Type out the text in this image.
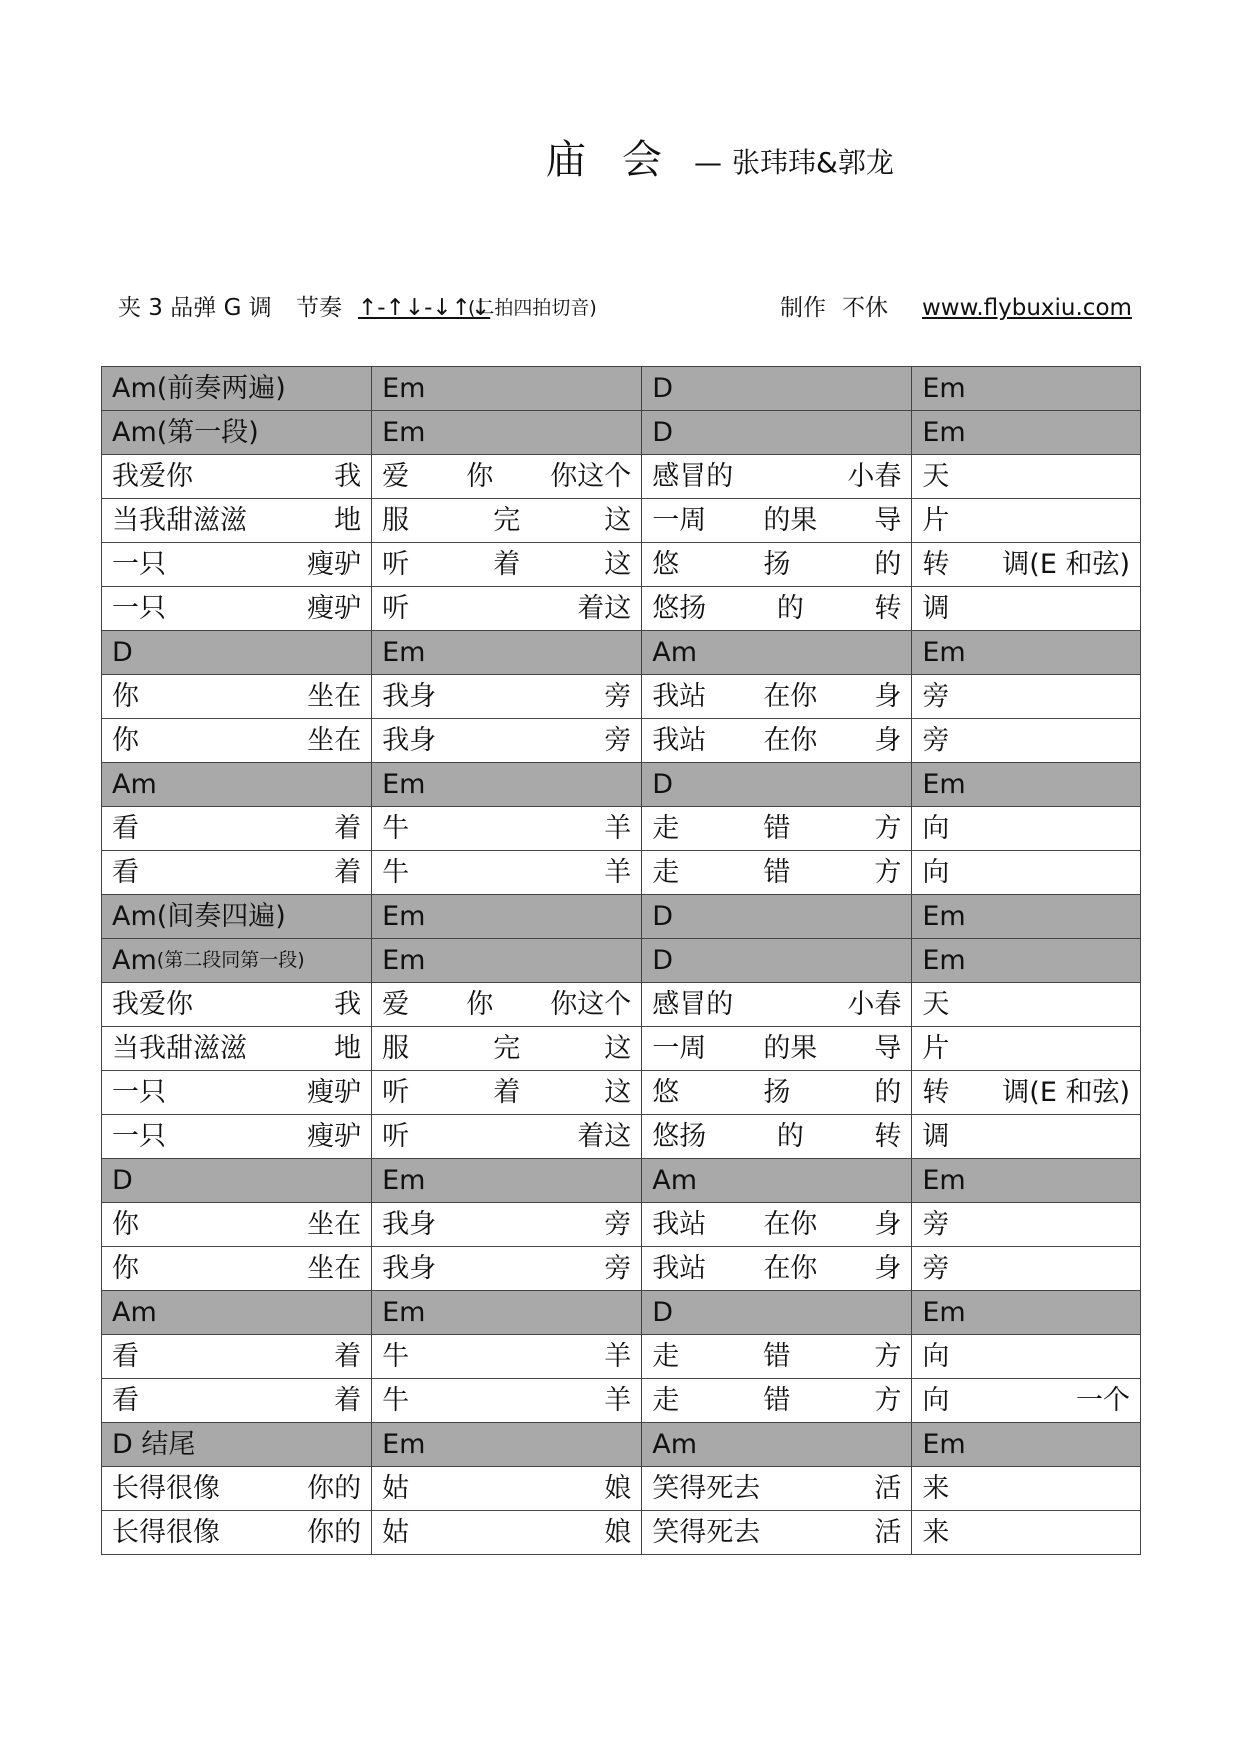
庙会
— 张玮玮&郭龙
夹 3 品弹 G 调 节奏 ↑-↑↓-↓↑↓
(二拍四拍切音)	制作 不休 www.flybuxiu.com
Am(前奏两遍)	Em	D	Em

Am(第一段)	Em	D	Em

我爱你 我	爱 你 你这个	感冒的 小春	天

当我甜滋滋 地	服 完 这	一周 的果 导	片

一只 瘦驴	听 着 这	悠 扬 的	转 调(E 和弦)

一只 瘦驴	听 着这	悠扬 的 转	调

D	Em	Am	Em

你 坐在	我身 旁	我站 在你 身	旁

你 坐在	我身 旁	我站 在你 身	旁

Am	Em	D	Em

看 着	牛 羊	走 错 方	向

看 着	牛 羊	走 错 方	向

Am(间奏四遍)	Em	D	Em

Am (第二段同第一段)	Em	D	Em

我爱你 我	爱 你 你这个	感冒的 小春	天

当我甜滋滋 地	服 完 这	一周 的果 导	片

一只 瘦驴	听 着 这	悠 扬 的	转 调(E 和弦)

一只 瘦驴	听 着这	悠扬 的 转	调

D	Em	Am	Em

你 坐在	我身 旁	我站 在你 身	旁

你 坐在	我身 旁	我站 在你 身	旁

Am	Em	D	Em

看 着	牛 羊	走 错 方	向

看 着	牛 羊	走 错 方	向 一个

D 结尾	Em	Am	Em

长得很像 你的	姑 娘	笑得死去 活	来

长得很像 你的	姑 娘	笑得死去 活	来
